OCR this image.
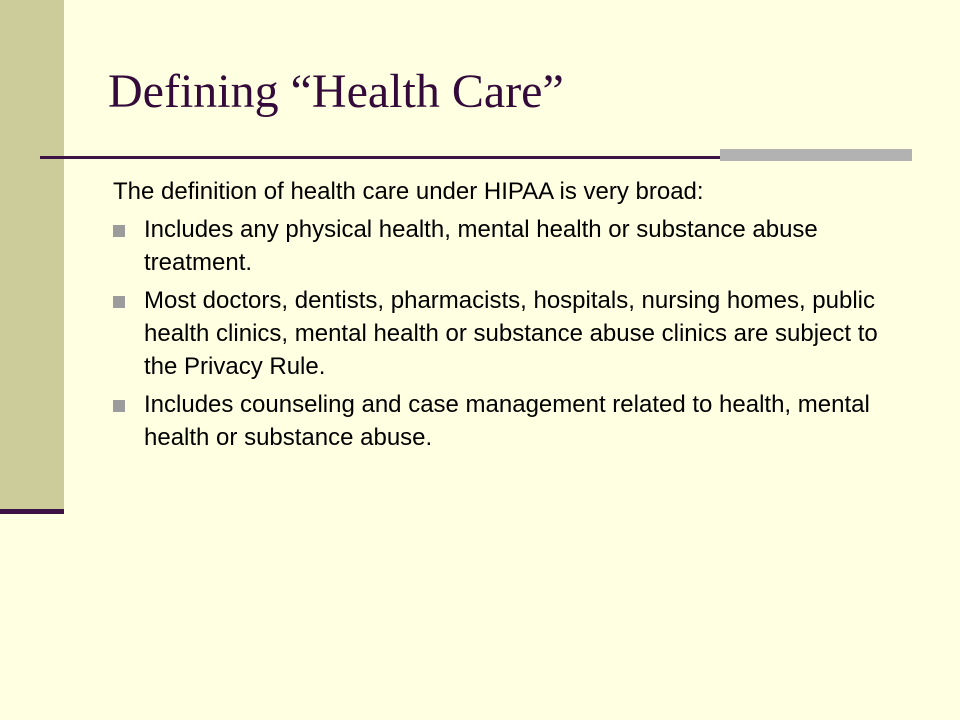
Defining “Health Care”

The definition of health care under HIPAA is very broad:

Includes any physical health, mental health or substance abuse treatment.
Most doctors, dentists, pharmacists, hospitals, nursing homes, public health clinics, mental health or substance abuse clinics are subject to the Privacy Rule.
Includes counseling and case management related to health, mental health or substance abuse.
